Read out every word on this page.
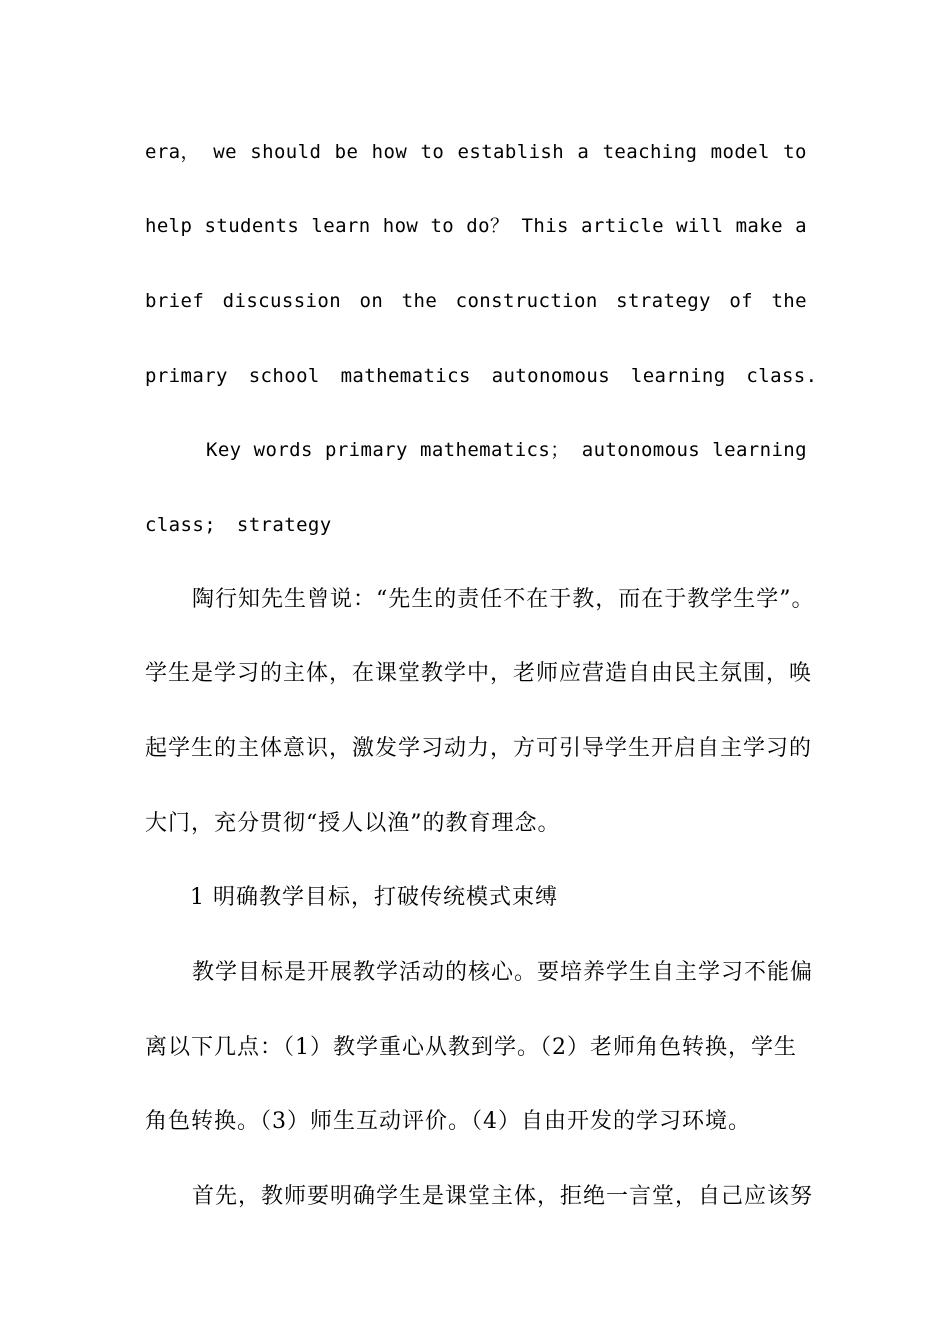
era， we should be how to establish a teaching model to
help students learn how to do？ This article will make a
brief discussion on the construction strategy of the
primary school mathematics autonomous learning class.
Key words primary mathematics； autonomous learning
class; strategy
陶行知先生曾说：“先生的责任不在于教，而在于教学生学”。
学生是学习的主体，在课堂教学中，老师应营造自由民主氛围，唤
起学生的主体意识，激发学习动力，方可引导学生开启自主学习的
大门，充分贯彻“授人以渔”的教育理念。
1 明确教学目标，打破传统模式束缚
教学目标是开展教学活动的核心。要培养学生自主学习不能偏
离以下几点：（1）教学重心从教到学。（2）老师角色转换，学生
角色转换。（3）师生互动评价。（4）自由开发的学习环境。
首先，教师要明确学生是课堂主体，拒绝一言堂，自己应该努
